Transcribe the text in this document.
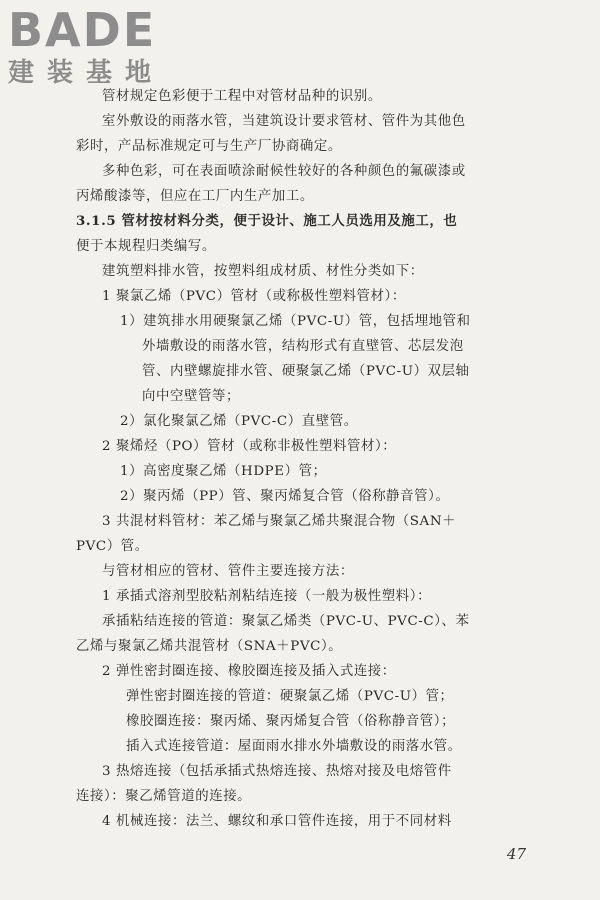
BADE
建装基地
管材规定色彩便于工程中对管材品种的识别。
室外敷设的雨落水管，当建筑设计要求管材、管件为其他色
彩时，产品标准规定可与生产厂协商确定。
多种色彩，可在表面喷涂耐候性较好的各种颜色的氟碳漆或
丙烯酸漆等，但应在工厂内生产加工。
3.1.5 管材按材料分类，便于设计、施工人员选用及施工，也
便于本规程归类编写。
建筑塑料排水管，按塑料组成材质、材性分类如下：
1 聚氯乙烯（PVC）管材（或称极性塑料管材）：
1）建筑排水用硬聚氯乙烯（PVC-U）管，包括埋地管和
外墙敷设的雨落水管，结构形式有直壁管、芯层发泡
管、内壁螺旋排水管、硬聚氯乙烯（PVC-U）双层轴
向中空壁管等；
2）氯化聚氯乙烯（PVC-C）直壁管。
2 聚烯烃（PO）管材（或称非极性塑料管材）：
1）高密度聚乙烯（HDPE）管；
2）聚丙烯（PP）管、聚丙烯复合管（俗称静音管）。
3 共混材料管材：苯乙烯与聚氯乙烯共聚混合物（SAN＋
PVC）管。
与管材相应的管材、管件主要连接方法：
1 承插式溶剂型胶粘剂粘结连接（一般为极性塑料）：
承插粘结连接的管道：聚氯乙烯类（PVC-U、PVC-C）、苯
乙烯与聚氯乙烯共混管材（SNA＋PVC）。
2 弹性密封圈连接、橡胶圈连接及插入式连接：
弹性密封圈连接的管道：硬聚氯乙烯（PVC-U）管；
橡胶圈连接：聚丙烯、聚丙烯复合管（俗称静音管）；
插入式连接管道：屋面雨水排水外墙敷设的雨落水管。
3 热熔连接（包括承插式热熔连接、热熔对接及电熔管件
连接）：聚乙烯管道的连接。
4 机械连接：法兰、螺纹和承口管件连接，用于不同材料
47
